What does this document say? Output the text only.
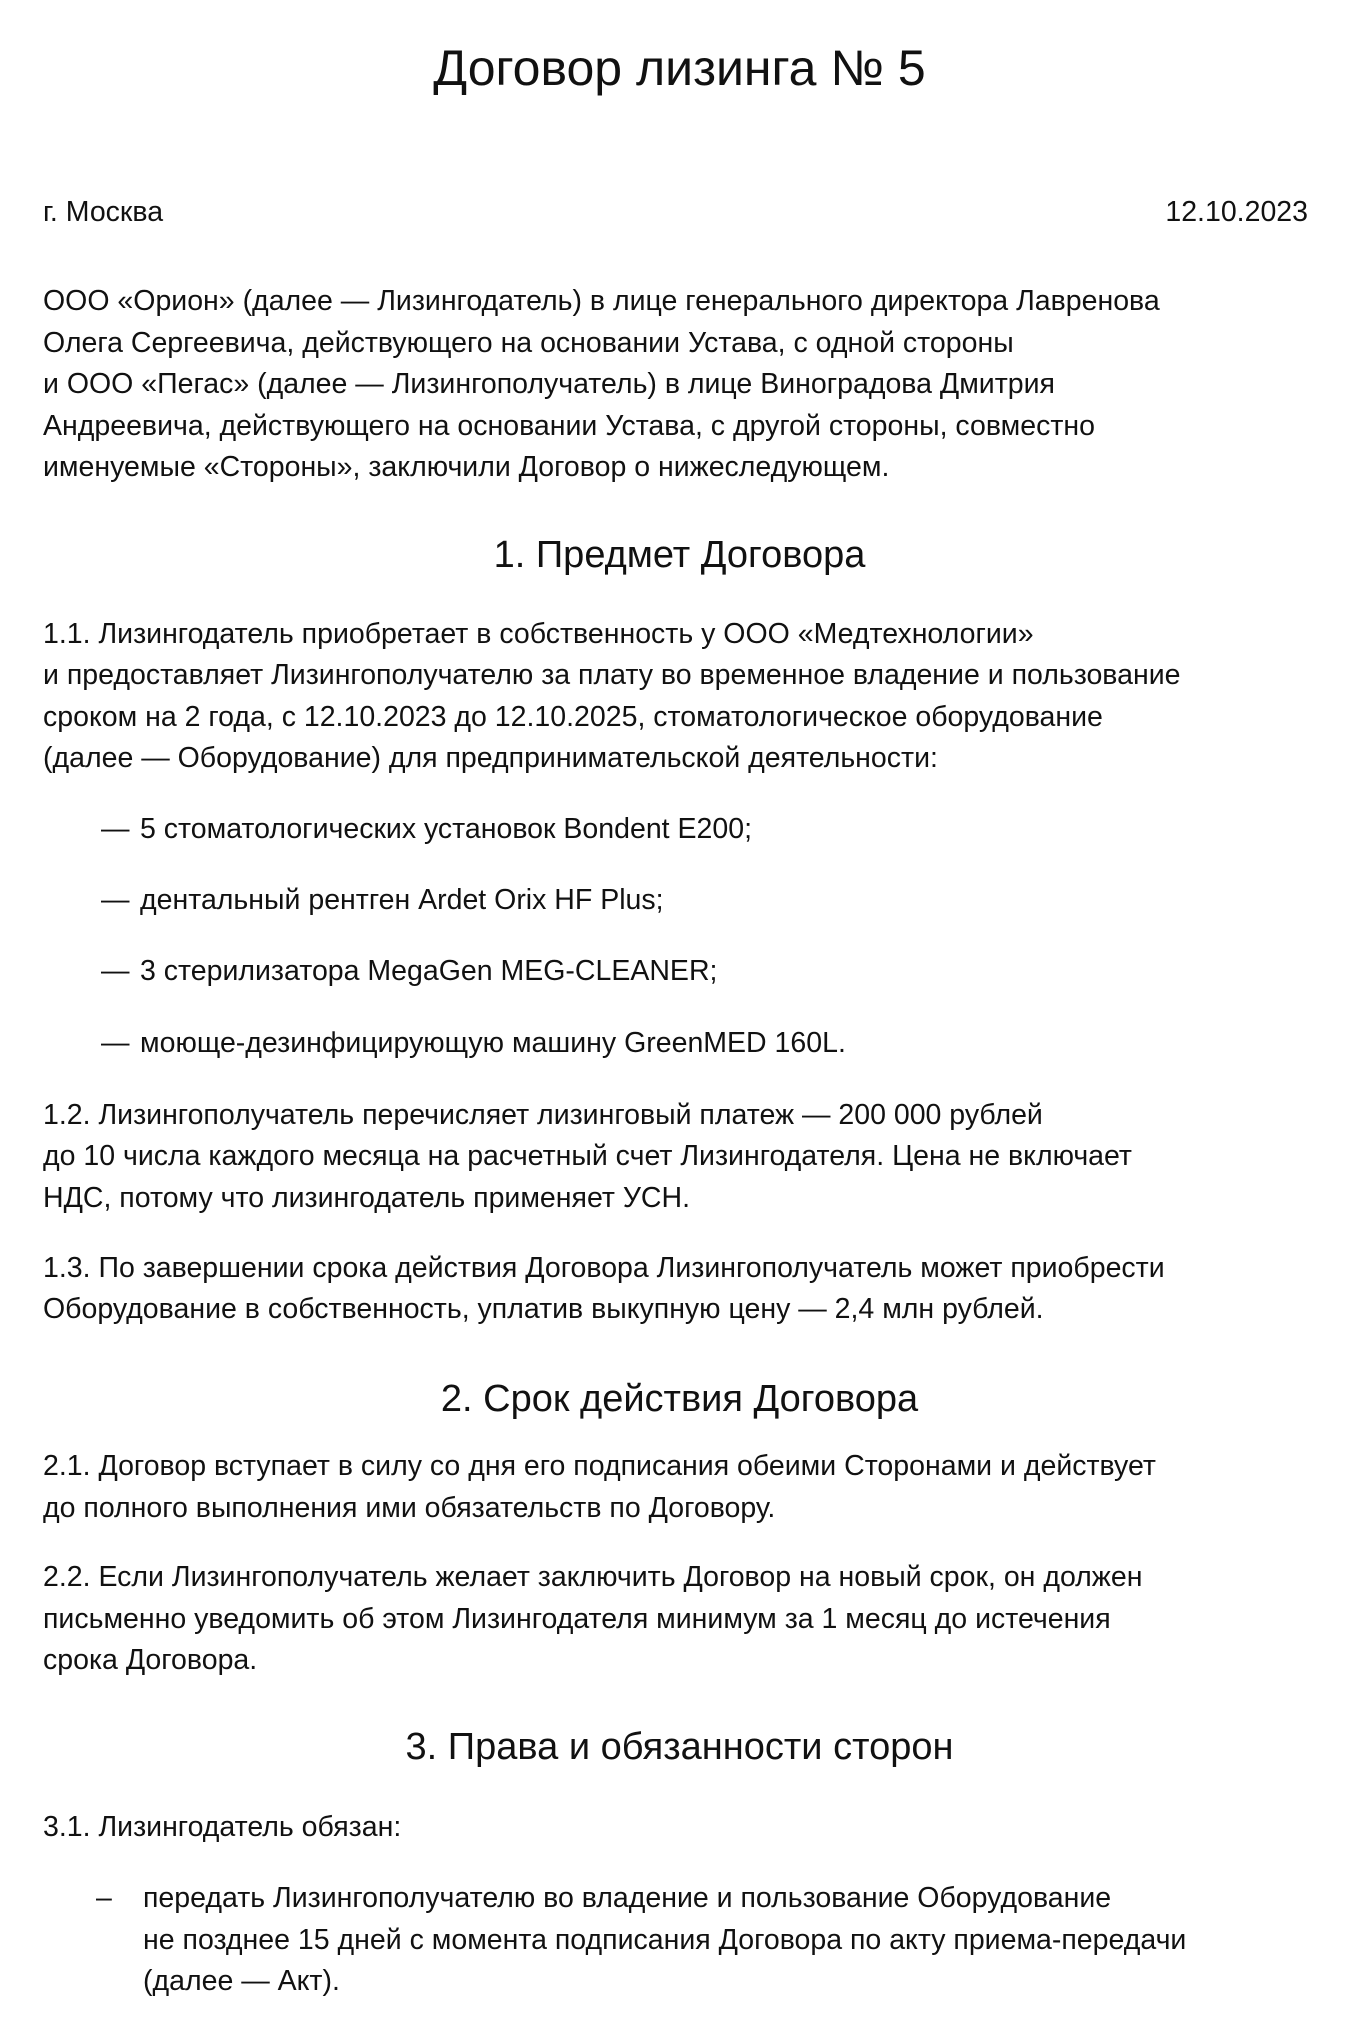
Договор лизинга № 5
г. Москва	12.10.2023
ООО «Орион» (далее — Лизингодатель) в лице генерального директора Лавренова
Олега Сергеевича, действующего на основании Устава, с одной стороны
и ООО «Пегас» (далее — Лизингополучатель) в лице Виноградова Дмитрия
Андреевича, действующего на основании Устава, с другой стороны, совместно
именуемые «Стороны», заключили Договор о нижеследующем.
1. Предмет Договора
1.1. Лизингодатель приобретает в собственность у ООО «Медтехнологии»
и предоставляет Лизингополучателю за плату во временное владение и пользование
сроком на 2 года, с 12.10.2023 до 12.10.2025, стоматологическое оборудование
(далее — Оборудование) для предпринимательской деятельности:
— 5 стоматологических установок Bondent E200;
— дентальный рентген Ardet Orix HF Plus;
— 3 стерилизатора MegaGen MEG-CLEANER;
— моюще-дезинфицирующую машину GreenMED 160L.
1.2. Лизингополучатель перечисляет лизинговый платеж — 200 000 рублей
до 10 числа каждого месяца на расчетный счет Лизингодателя. Цена не включает
НДС, потому что лизингодатель применяет УСН.
1.3. По завершении срока действия Договора Лизингополучатель может приобрести
Оборудование в собственность, уплатив выкупную цену — 2,4 млн рублей.
2. Срок действия Договора
2.1. Договор вступает в силу со дня его подписания обеими Сторонами и действует
до полного выполнения ими обязательств по Договору.
2.2. Если Лизингополучатель желает заключить Договор на новый срок, он должен
письменно уведомить об этом Лизингодателя минимум за 1 месяц до истечения
срока Договора.
3. Права и обязанности сторон
3.1. Лизингодатель обязан:
– передать Лизингополучателю во владение и пользование Оборудование
не позднее 15 дней с момента подписания Договора по акту приема-передачи
(далее — Акт).
